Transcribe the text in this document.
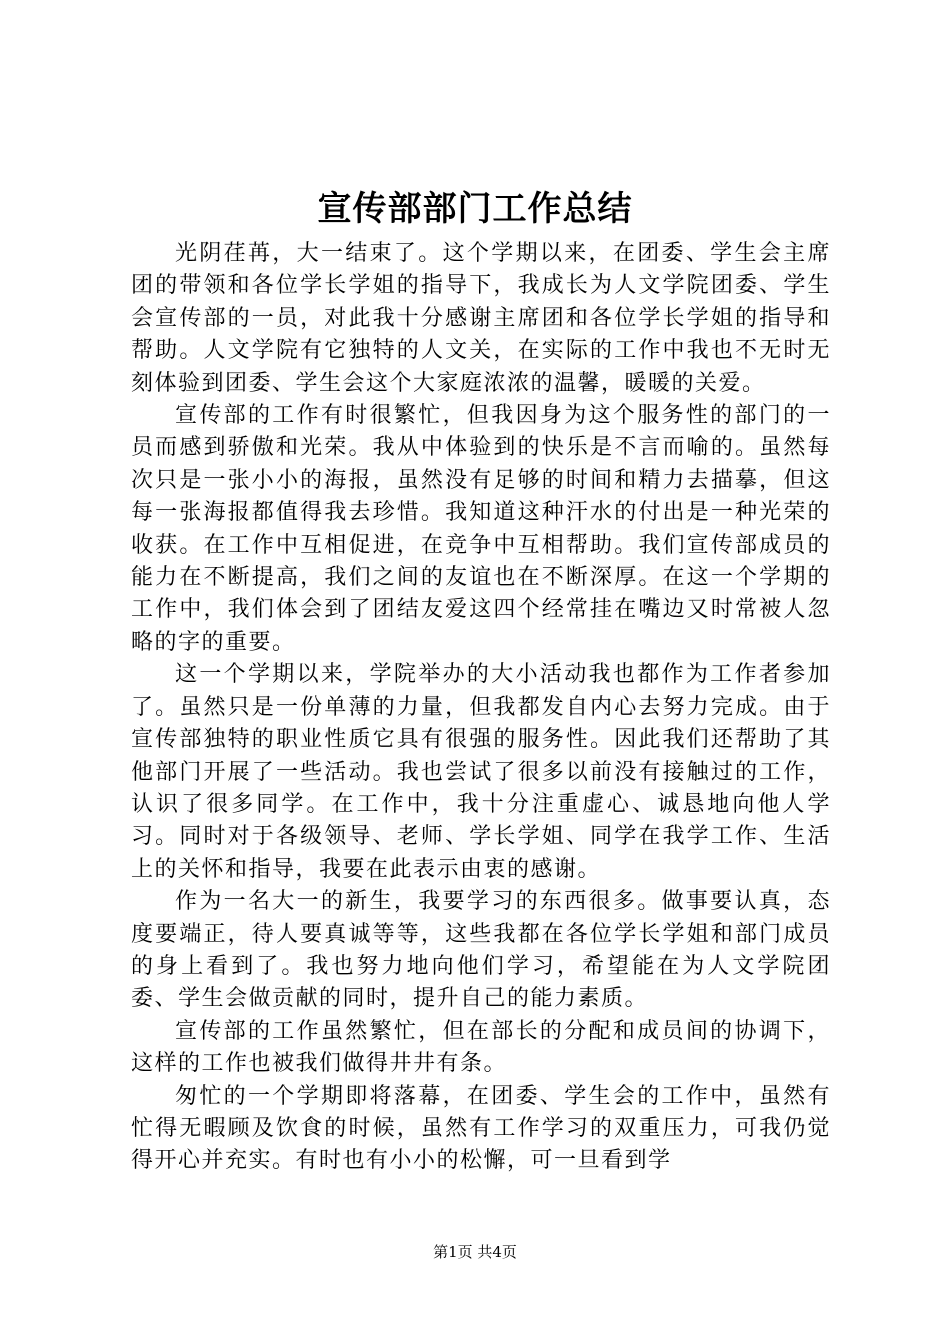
宣传部部门工作总结

光阴荏苒，大一结束了。这个学期以来，在团委、学生会主席团的带领和各位学长学姐的指导下，我成长为人文学院团委、学生会宣传部的一员，对此我十分感谢主席团和各位学长学姐的指导和帮助。人文学院有它独特的人文关，在实际的工作中我也不无时无刻体验到团委、学生会这个大家庭浓浓的温馨，暖暖的关爱。

宣传部的工作有时很繁忙，但我因身为这个服务性的部门的一员而感到骄傲和光荣。我从中体验到的快乐是不言而喻的。虽然每次只是一张小小的海报，虽然没有足够的时间和精力去描摹，但这每一张海报都值得我去珍惜。我知道这种汗水的付出是一种光荣的收获。在工作中互相促进，在竞争中互相帮助。我们宣传部成员的能力在不断提高，我们之间的友谊也在不断深厚。在这一个学期的工作中，我们体会到了团结友爱这四个经常挂在嘴边又时常被人忽略的字的重要。

这一个学期以来，学院举办的大小活动我也都作为工作者参加了。虽然只是一份单薄的力量，但我都发自内心去努力完成。由于宣传部独特的职业性质它具有很强的服务性。因此我们还帮助了其他部门开展了一些活动。我也尝试了很多以前没有接触过的工作，认识了很多同学。在工作中，我十分注重虚心、诚恳地向他人学习。同时对于各级领导、老师、学长学姐、同学在我学工作、生活上的关怀和指导，我要在此表示由衷的感谢。

作为一名大一的新生，我要学习的东西很多。做事要认真，态度要端正，待人要真诚等等，这些我都在各位学长学姐和部门成员的身上看到了。我也努力地向他们学习，希望能在为人文学院团委、学生会做贡献的同时，提升自己的能力素质。

宣传部的工作虽然繁忙，但在部长的分配和成员间的协调下，这样的工作也被我们做得井井有条。

匆忙的一个学期即将落幕，在团委、学生会的工作中，虽然有忙得无暇顾及饮食的时候，虽然有工作学习的双重压力，可我仍觉得开心并充实。有时也有小小的松懈，可一旦看到学

第1页 共4页
